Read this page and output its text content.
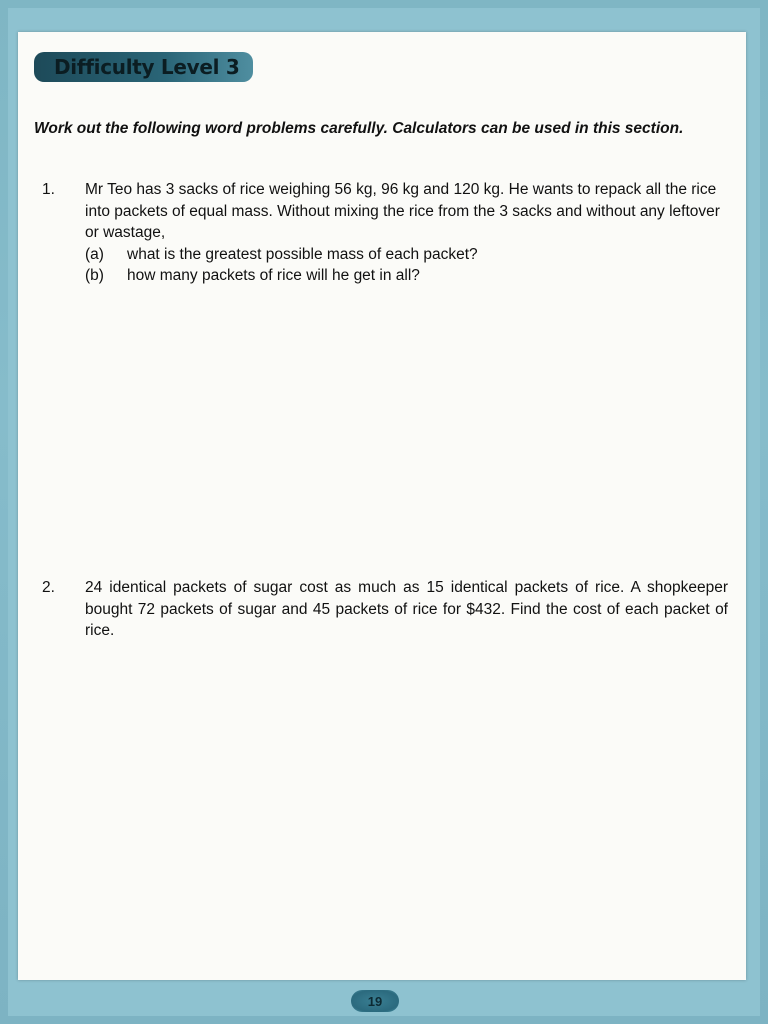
Difficulty Level 3
Work out the following word problems carefully. Calculators can be used in this section.
1. Mr Teo has 3 sacks of rice weighing 56 kg, 96 kg and 120 kg. He wants to repack all the rice into packets of equal mass. Without mixing the rice from the 3 sacks and without any leftover or wastage,
(a)	what is the greatest possible mass of each packet?
(b)	how many packets of rice will he get in all?
2. 24 identical packets of sugar cost as much as 15 identical packets of rice. A shopkeeper bought 72 packets of sugar and 45 packets of rice for $432. Find the cost of each packet of rice.
19
